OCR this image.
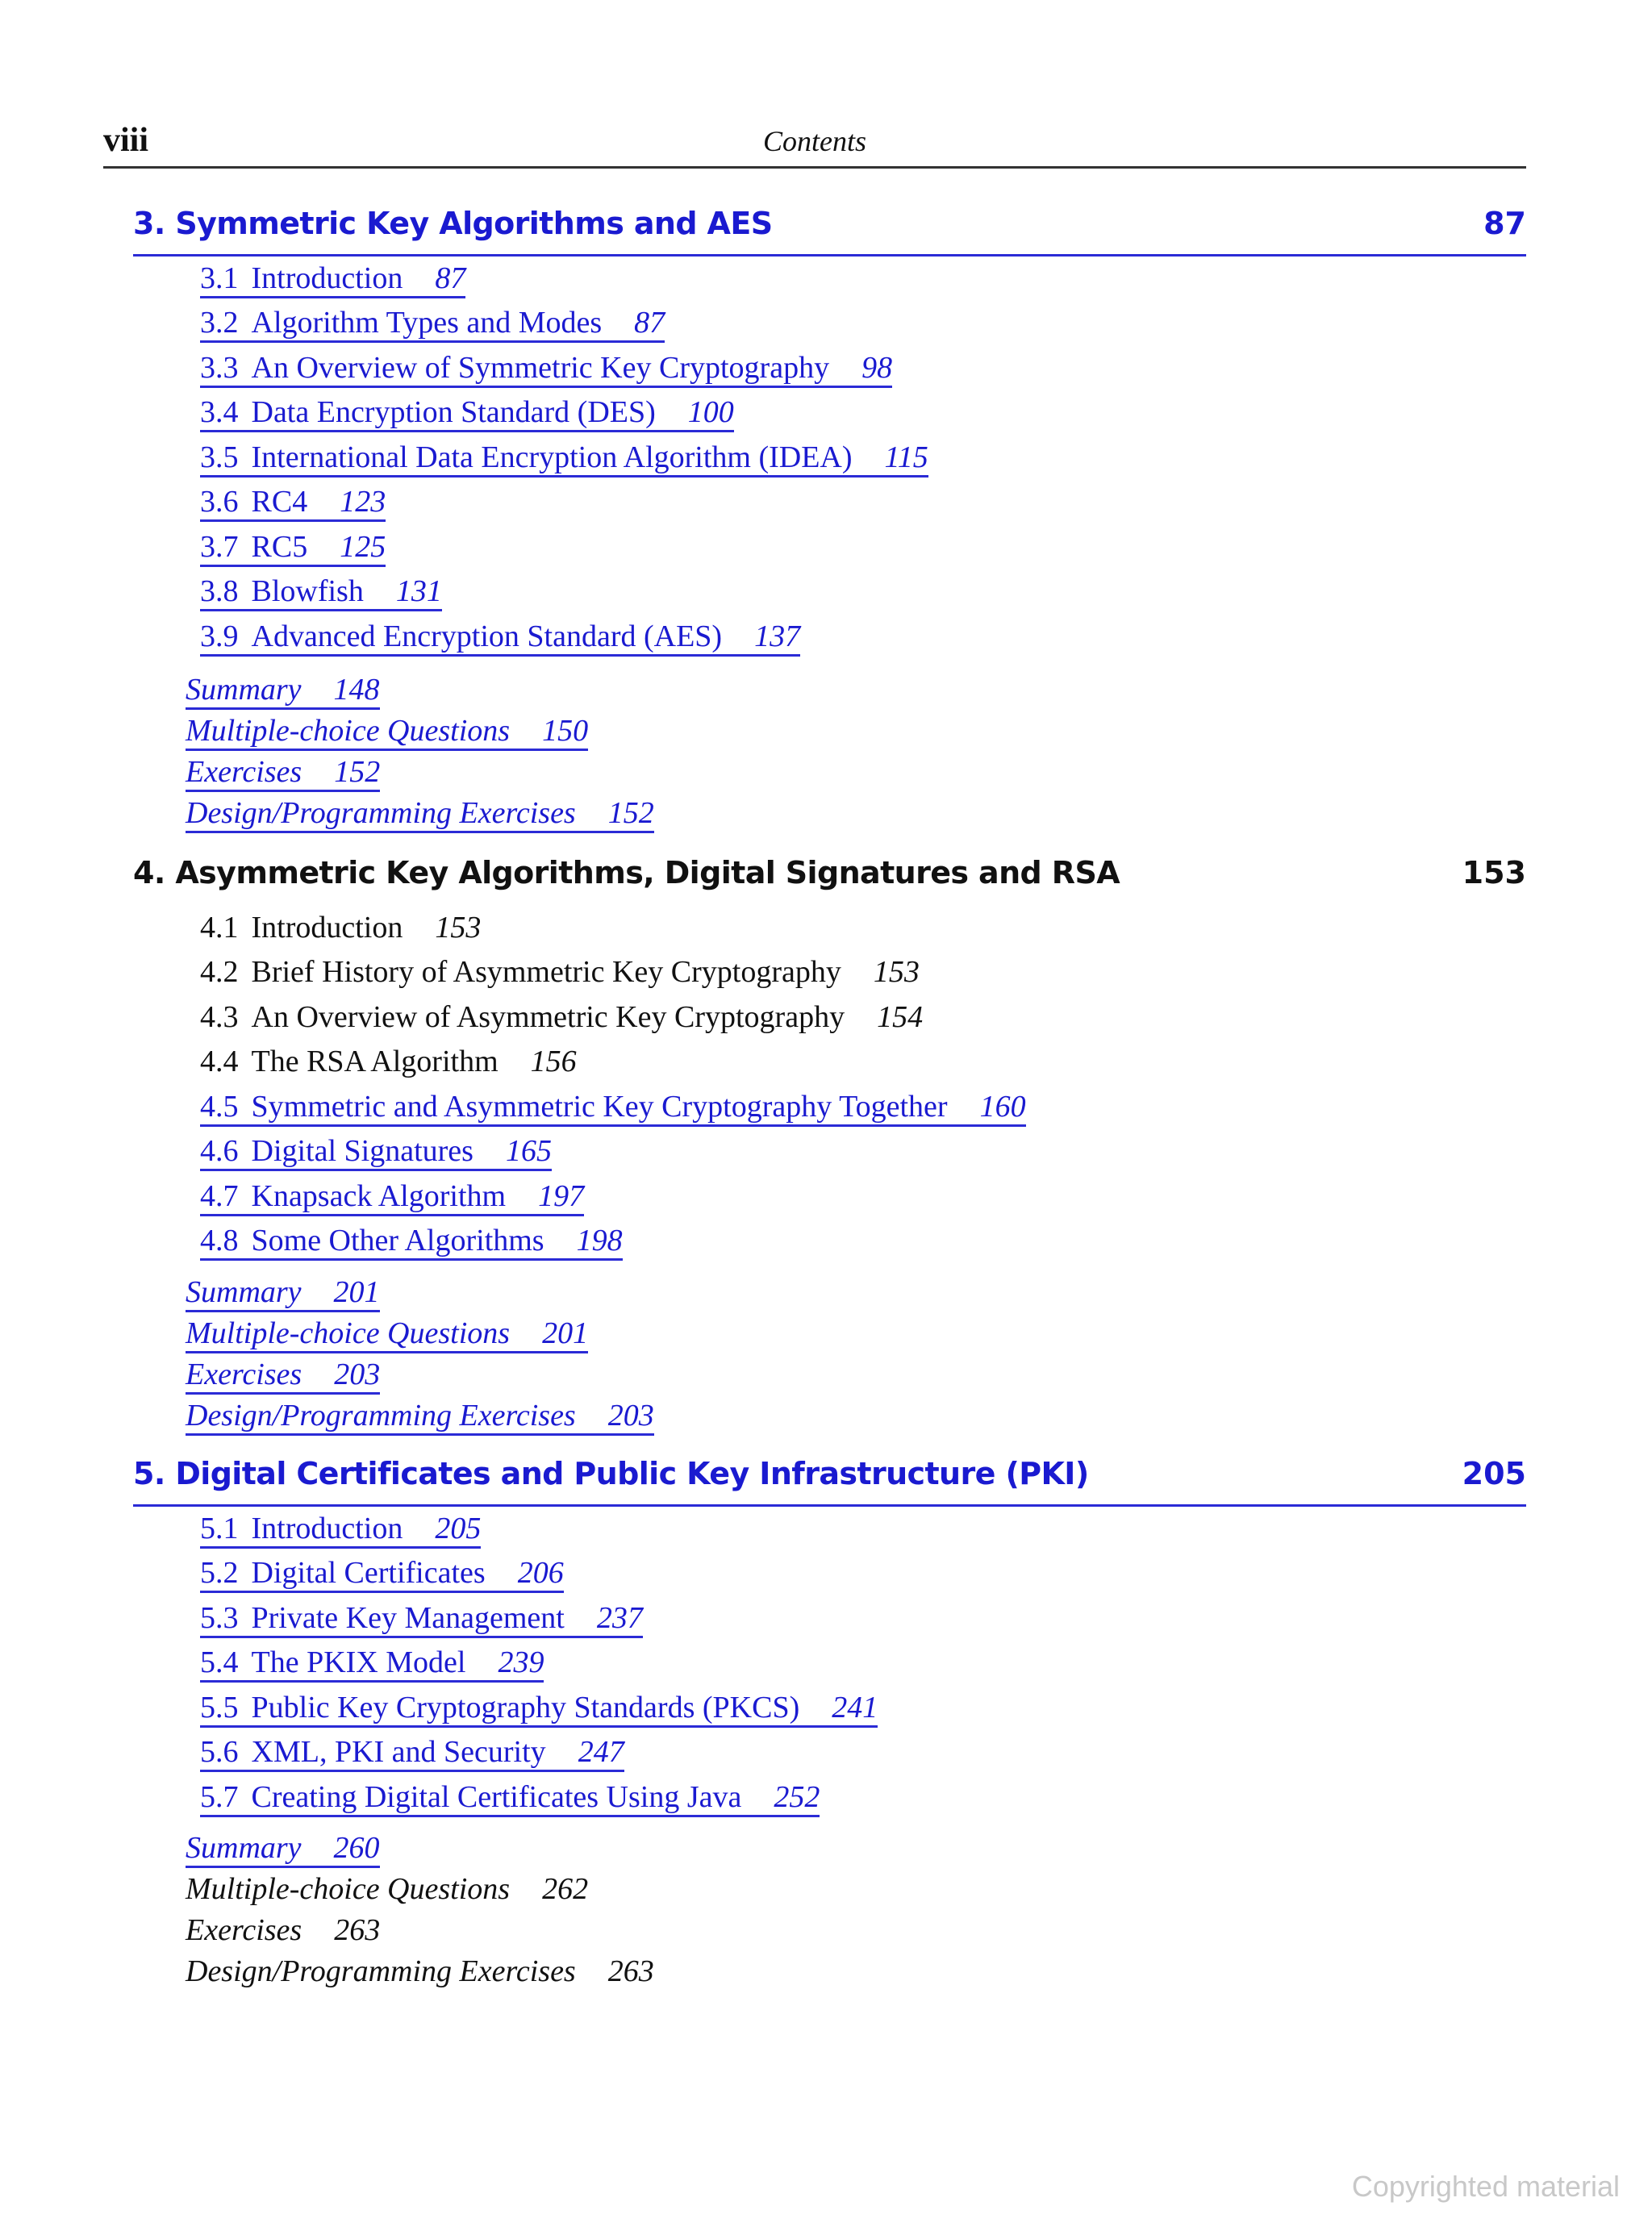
viii	Contents
3. Symmetric Key Algorithms and AES	87
3.1 Introduction 87
3.2 Algorithm Types and Modes 87
3.3 An Overview of Symmetric Key Cryptography 98
3.4 Data Encryption Standard (DES) 100
3.5 International Data Encryption Algorithm (IDEA) 115
3.6 RC4 123
3.7 RC5 125
3.8 Blowfish 131
3.9 Advanced Encryption Standard (AES) 137
Summary 148
Multiple-choice Questions 150
Exercises 152
Design/Programming Exercises 152
4. Asymmetric Key Algorithms, Digital Signatures and RSA	153
4.1 Introduction 153
4.2 Brief History of Asymmetric Key Cryptography 153
4.3 An Overview of Asymmetric Key Cryptography 154
4.4 The RSA Algorithm 156
4.5 Symmetric and Asymmetric Key Cryptography Together 160
4.6 Digital Signatures 165
4.7 Knapsack Algorithm 197
4.8 Some Other Algorithms 198
Summary 201
Multiple-choice Questions 201
Exercises 203
Design/Programming Exercises 203
5. Digital Certificates and Public Key Infrastructure (PKI)	205
5.1 Introduction 205
5.2 Digital Certificates 206
5.3 Private Key Management 237
5.4 The PKIX Model 239
5.5 Public Key Cryptography Standards (PKCS) 241
5.6 XML, PKI and Security 247
5.7 Creating Digital Certificates Using Java 252
Summary 260
Multiple-choice Questions 262
Exercises 263
Design/Programming Exercises 263
Copyrighted material
